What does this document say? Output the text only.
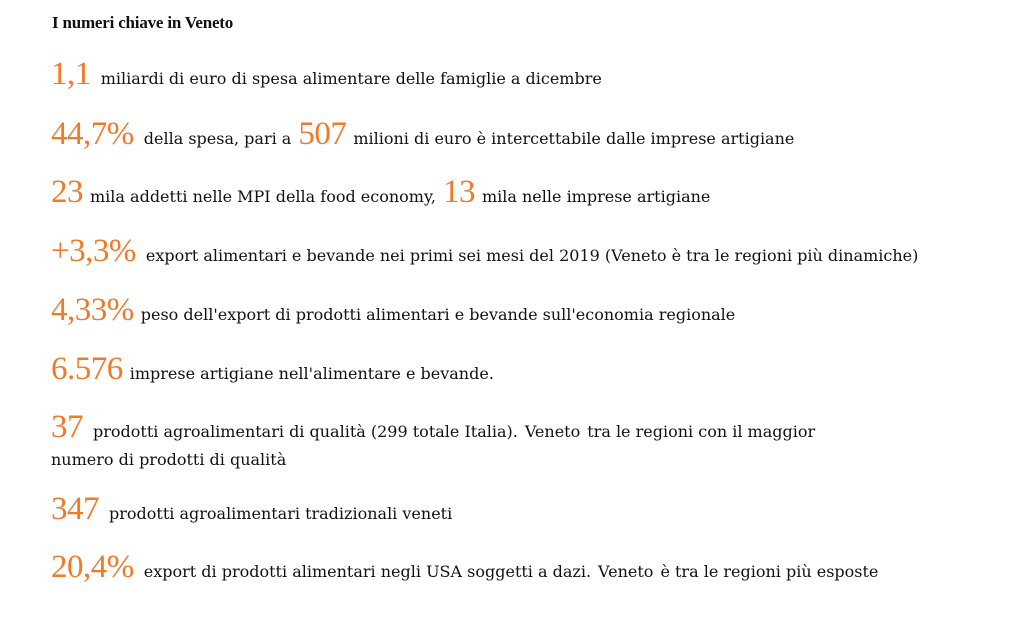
I numeri chiave in Veneto
1,1 miliardi di euro di spesa alimentare delle famiglie a dicembre
44,7% della spesa, pari a 507 milioni di euro è intercettabile dalle imprese artigiane
23 mila addetti nelle MPI della food economy, 13 mila nelle imprese artigiane
+3,3% export alimentari e bevande nei primi sei mesi del 2019 (Veneto è tra le regioni più dinamiche)
4,33% peso dell'export di prodotti alimentari e bevande sull'economia regionale
6.576 imprese artigiane nell'alimentare e bevande.
37 prodotti agroalimentari di qualità (299 totale Italia). Veneto tra le regioni con il maggior
numero di prodotti di qualità
347 prodotti agroalimentari tradizionali veneti
20,4% export di prodotti alimentari negli USA soggetti a dazi. Veneto è tra le regioni più esposte
